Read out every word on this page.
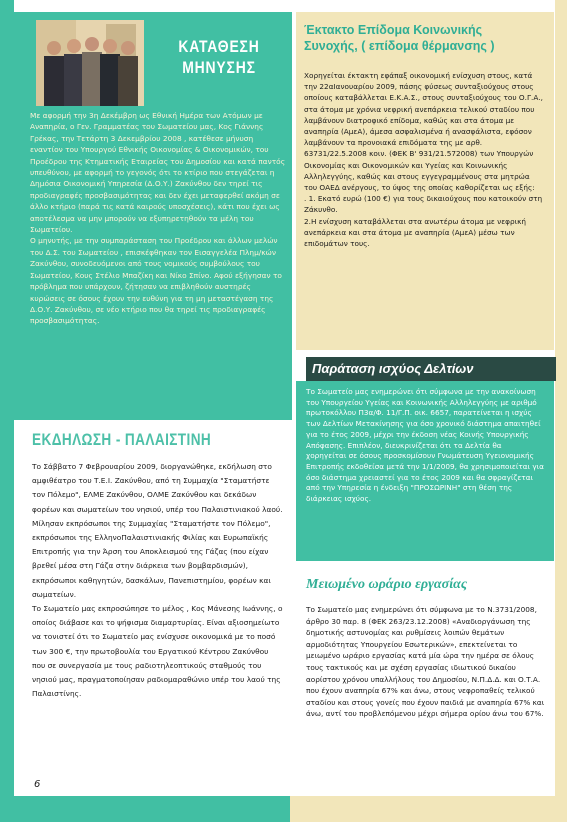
ΚΑΤΑΘΕΣΗ
ΜΗΝΥΣΗΣ

Με αφορμή την 3η Δεκέμβρη ως Εθνική Ημέρα των Ατόμων με Αναπηρία, ο Γεν. Γραμματέας του Σωματείου μας, Κος Γιάννης Γρέκας, την Τετάρτη 3 Δεκεμβρίου 2008 , κατέθεσε μήνυση εναντίον του Υπουργού Εθνικής Οικονομίας & Οικονομικών, του Προέδρου της Κτηματικής Εταιρείας του Δημοσίου και κατά παντός υπευθύνου, με αφορμή το γεγονός ότι το κτίριο που στεγάζεται η Δημόσια Οικονομική Υπηρεσία (Δ.Ο.Υ.) Ζακύνθου δεν τηρεί τις προδιαγραφές προσβασιμότητας και δεν έχει μεταφερθεί ακόμη σε άλλο κτήριο (παρά τις κατά καιρούς υποσχέσεις), κάτι που έχει ως αποτέλεσμα να μην μπορούν να εξυπηρετηθούν τα μέλη του Σωματείου.

Ο μηνυτής, με την συμπαράσταση του Προέδρου και άλλων μελών του Δ.Σ. του Σωματείου , επισκέφθηκαν τον Εισαγγελέα Πλημ/κών Ζακύνθου, συνοδευόμενοι από τους νομικούς συμβούλους του Σωματείου, Κους Στέλιο Μπαζίκη και Νίκο Σπίνο. Αφού εξήγησαν το πρόβλημα που υπάρχουν, ζήτησαν να επιβληθούν αυστηρές κυρώσεις σε όσους έχουν την ευθύνη για τη μη μεταστέγαση της Δ.Ο.Υ. Ζακύνθου, σε νέο κτήριο που θα τηρεί τις προδιαγραφές προσβασιμότητας.

ΕΚΔΗΛΩΣΗ - ΠΑΛΑΙΣΤΙΝΗ

Το Σάββατο 7 Φεβρουαρίου 2009, διοργανώθηκε, εκδήλωση στο αμφιθέατρο του Τ.Ε.Ι. Ζακύνθου, από τη Συμμαχία "Σταματήστε τον Πόλεμο", ΕΛΜΕ Ζακύνθου, ΟΛΜΕ Ζακύνθου και δεκάδων φορέων και σωματείων του νησιού, υπέρ του Παλαιστινιακού λαού. Μίλησαν εκπρόσωποι της Συμμαχίας "Σταματήστε τον Πόλεμο", εκπρόσωποι της ΕλληνοΠαλαιστινιακής Φιλίας και Ευρωπαϊκής Επιτροπής για την Άρση του Αποκλεισμού της Γάζας (που είχαν βρεθεί μέσα στη Γάζα στην διάρκεια των βομβαρδισμών), εκπρόσωποι καθηγητών, δασκάλων, Πανεπιστημίου, φορέων και σωματείων.

Το Σωματείο μας εκπροσώπησε το μέλος , Κος Μάνεσης Ιωάννης, ο οποίος διάβασε και το ψήφισμα διαμαρτυρίας. Είναι αξιοσημείωτο να τονιστεί ότι το Σωματείο μας ενίσχυσε οικονομικά με το ποσό των 300 €, την πρωτοβουλία του Εργατικού Κέντρου Ζακύνθου που σε συνεργασία με τους ραδιοτηλεοπτικούς σταθμούς του νησιού μας, πραγματοποίησαν ραδιομαραθώνιο υπέρ του λαού της Παλαιστίνης.

6
Έκτακτο Επίδομα Κοινωνικής
Συνοχής, ( επίδομα θέρμανσης )

Χορηγείται έκτακτη εφάπαξ οικονομική ενίσχυση στους, κατά την 22αΙανουαρίου 2009, πάσης φύσεως συνταξιούχους στους οποίους καταβάλλεται Ε.Κ.Α.Σ., στους συνταξιούχους του Ο.Γ.Α., στα άτομα με χρόνια νεφρική ανεπάρκεια τελικού σταδίου που λαμβάνουν διατροφικό επίδομα, καθώς και στα άτομα με αναπηρία (ΑμεΑ), άμεσα ασφαλισμένα ή ανασφάλιστα, εφόσον λαμβάνουν τα προνοιακά επιδόματα της με αρθ. 63731/22.5.2008 κοιν. (ΦΕΚ Β' 931/21.572008) των Υπουργών Οικονομίας και Οικονομικών και Υγείας και Κοινωνικής Αλληλεγγύης, καθώς και στους εγγεγραμμένους στα μητρώα του ΟΑΕΔ ανέργους, το ύψος της οποίας καθορίζεται ως εξής:

. 1. Εκατό ευρώ (100 €) για τους δικαιούχους που κατοικούν στη Ζάκυνθο.

2.Η ενίσχυση καταβάλλεται στα ανωτέρω άτομα με νεφρική ανεπάρκεια και στα άτομα με αναπηρία (ΑμεΑ) μέσω των επιδομάτων τους.

Παράταση ισχύος Δελτίων

Το Σωματείο μας ενημερώνει ότι σύμφωνα με την ανακοίνωση του Υπουργείου Υγείας και Κοινωνικής Αλληλεγγύης με αριθμό πρωτοκόλλου Π3α/Φ. 11/Γ.Π. οικ. 6657, παρατείνεται η ισχύς των Δελτίων Μετακίνησης για όσο χρονικό διάστημα απαιτηθεί για το έτος 2009, μέχρι την έκδοση νέας Κοινής Υπουργικής Απόφασης. Επιπλέον, διευκρινίζεται ότι τα Δελτία θα χορηγείται σε όσους προσκομίσουν Γνωμάτευση Υγειονομικής Επιτροπής εκδοθείσα μετά την 1/1/2009, θα χρησιμοποιείται για όσο διάστημα χρειαστεί για το έτος 2009 και θα σφραγίζεται από την Υπηρεσία η ένδειξη "ΠΡΟΣΩΡΙΝΗ" στη θέση της διάρκειας ισχύος.

Μειωμένο ωράριο εργασίας

Το Σωματείο μας ενημερώνει ότι σύμφωνα με το Ν.3731/2008, άρθρο 30 παρ. 8 (ΦΕΚ 263/23.12.2008) «Αναδιοργάνωση της δημοτικής αστυνομίας και ρυθμίσεις λοιπών θεμάτων αρμοδιότητας Υπουργείου Εσωτερικών», επεκτείνεται το μειωμένο ωράριο εργασίας κατά μία ώρα την ημέρα σε όλους τους τακτικούς και με σχέση εργασίας ιδιωτικού δικαίου αορίστου χρόνου υπαλλήλους του Δημοσίου, Ν.Π.Δ.Δ. και Ο.Τ.Α. που έχουν αναπηρία 67% και άνω, στους νεφροπαθείς τελικού σταδίου και στους γονείς που έχουν παιδιά με αναπηρία 67% και άνω, αντί του προβλεπόμενου μέχρι σήμερα ορίου άνω του 67%.
